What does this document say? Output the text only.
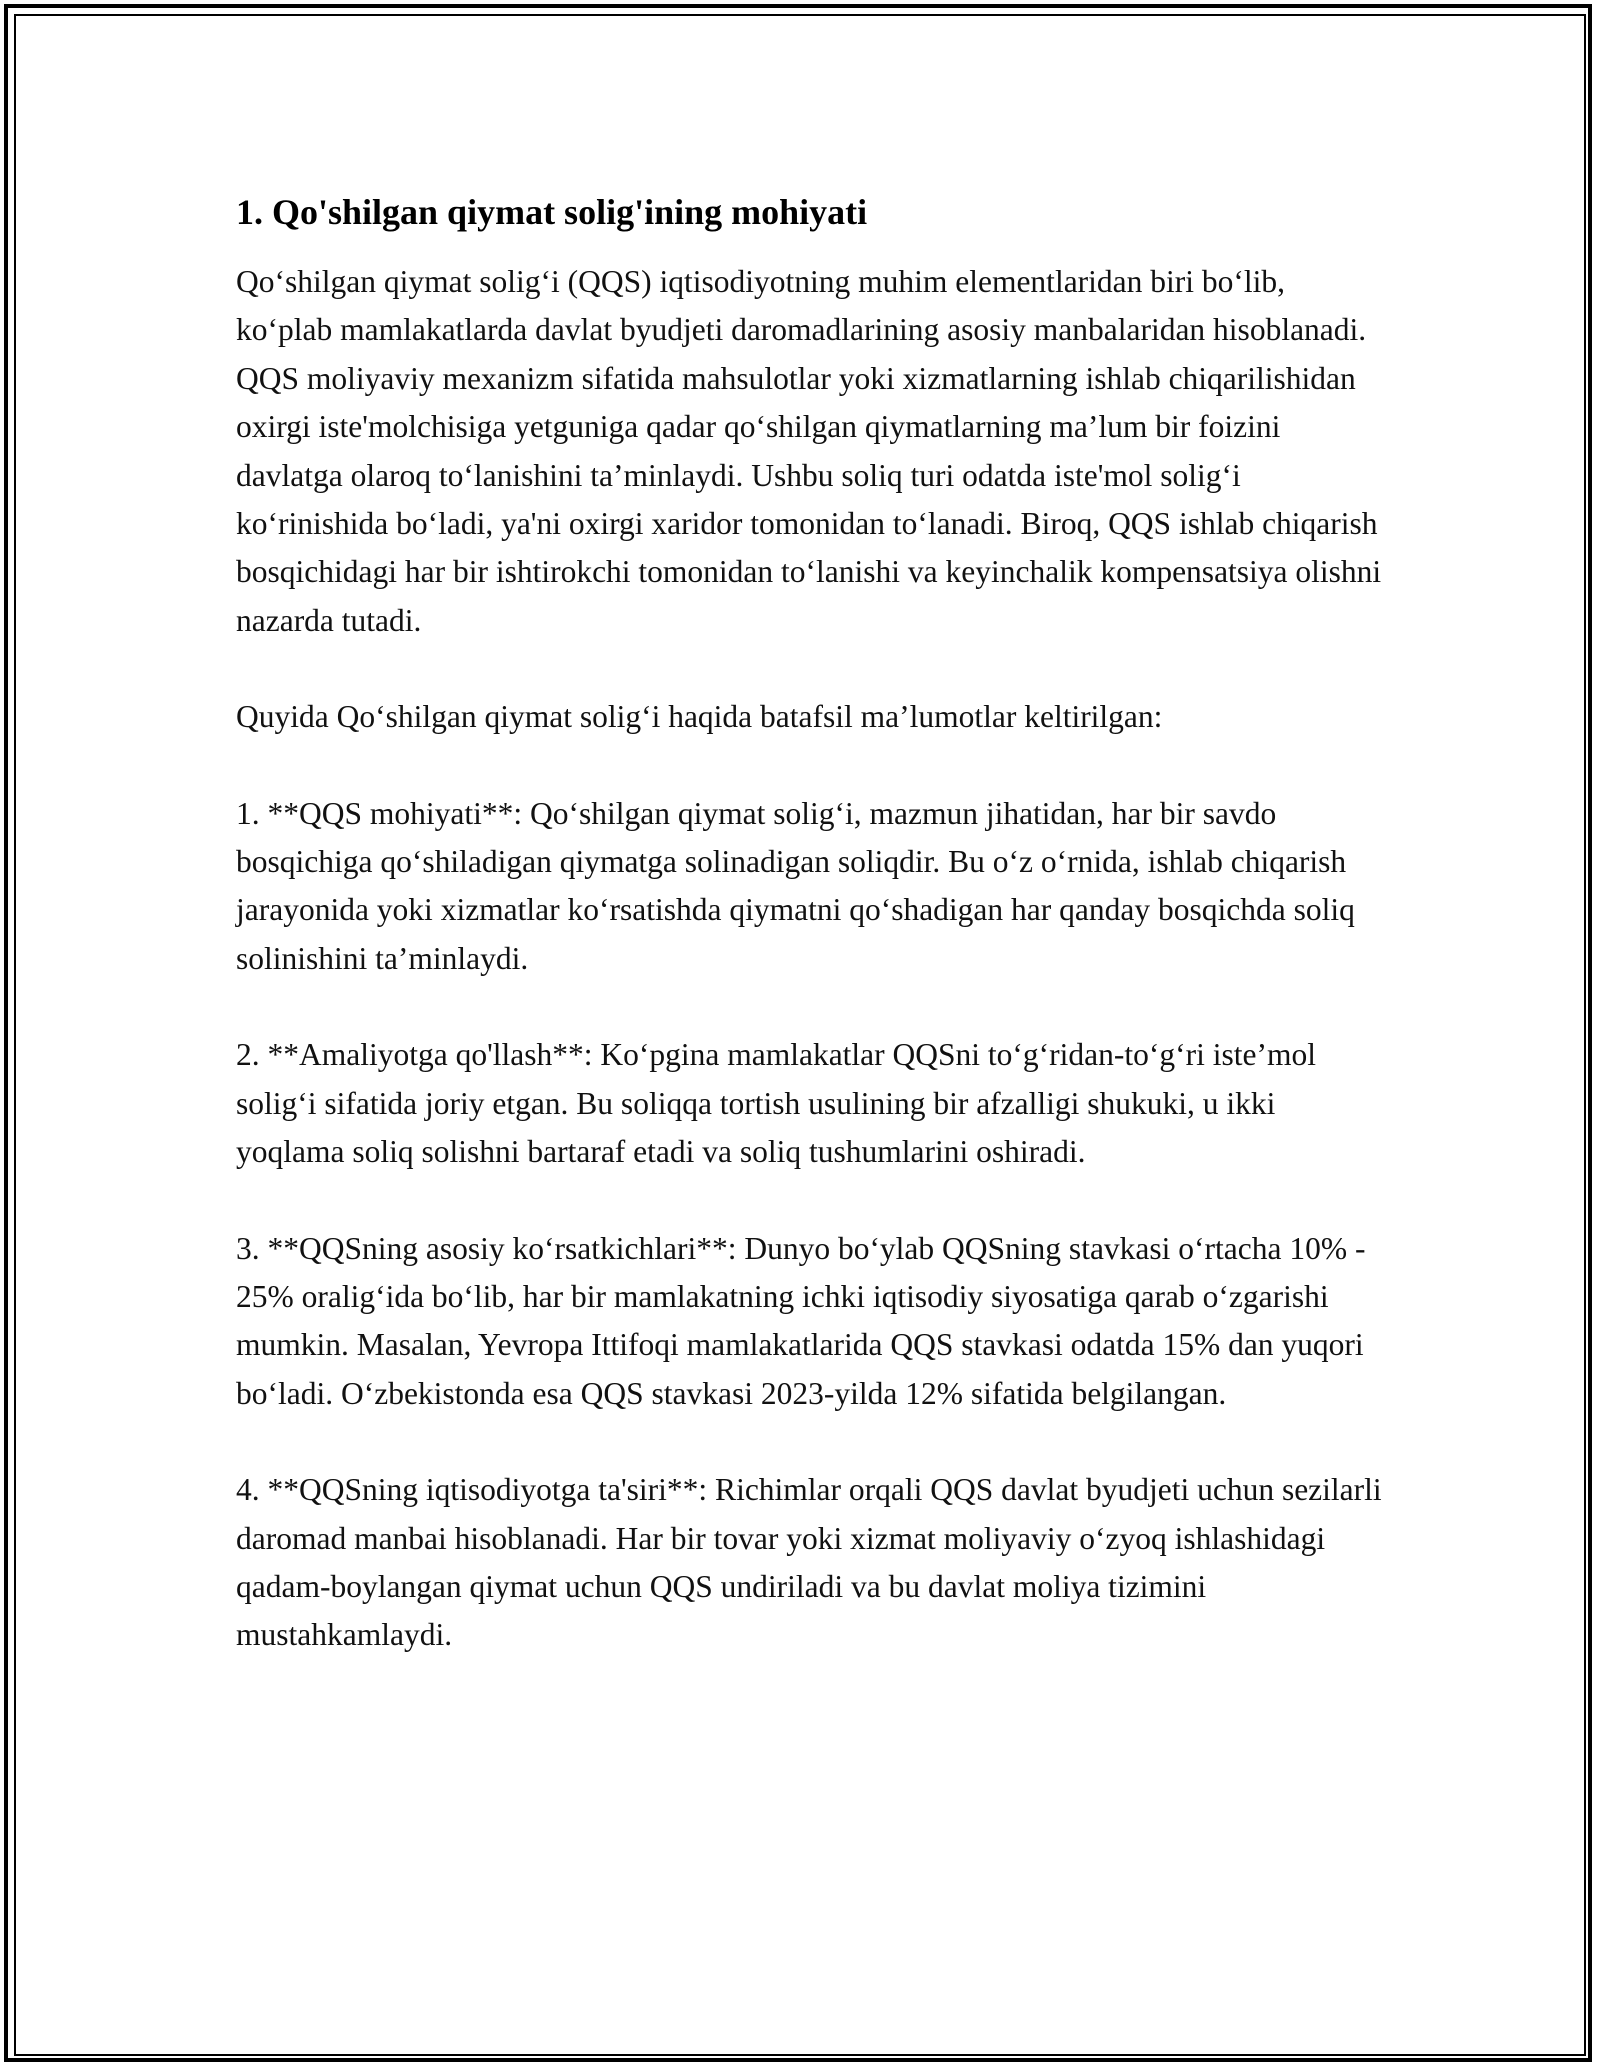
1. Qo'shilgan qiymat solig'ining mohiyati

Qo‘shilgan qiymat solig‘i (QQS) iqtisodiyotning muhim elementlaridan biri bo‘lib, ko‘plab mamlakatlarda davlat byudjeti daromadlarining asosiy manbalaridan hisoblanadi. QQS moliyaviy mexanizm sifatida mahsulotlar yoki xizmatlarning ishlab chiqarilishidan oxirgi iste'molchisiga yetguniga qadar qo‘shilgan qiymatlarning ma’lum bir foizini davlatga olaroq to‘lanishini ta’minlaydi. Ushbu soliq turi odatda iste'mol solig‘i ko‘rinishida bo‘ladi, ya'ni oxirgi xaridor tomonidan to‘lanadi. Biroq, QQS ishlab chiqarish bosqichidagi har bir ishtirokchi tomonidan to‘lanishi va keyinchalik kompensatsiya olishni nazarda tutadi.

Quyida Qo‘shilgan qiymat solig‘i haqida batafsil ma’lumotlar keltirilgan:

1. **QQS mohiyati**: Qo‘shilgan qiymat solig‘i, mazmun jihatidan, har bir savdo bosqichiga qo‘shiladigan qiymatga solinadigan soliqdir. Bu o‘z o‘rnida, ishlab chiqarish jarayonida yoki xizmatlar ko‘rsatishda qiymatni qo‘shadigan har qanday bosqichda soliq solinishini ta’minlaydi.

2. **Amaliyotga qo'llash**: Ko‘pgina mamlakatlar QQSni to‘g‘ridan-to‘g‘ri iste’mol solig‘i sifatida joriy etgan. Bu soliqqa tortish usulining bir afzalligi shukuki, u ikki yoqlama soliq solishni bartaraf etadi va soliq tushumlarini oshiradi.

3. **QQSning asosiy ko‘rsatkichlari**: Dunyo bo‘ylab QQSning stavkasi o‘rtacha 10% - 25% oralig‘ida bo‘lib, har bir mamlakatning ichki iqtisodiy siyosatiga qarab o‘zgarishi mumkin. Masalan, Yevropa Ittifoqi mamlakatlarida QQS stavkasi odatda 15% dan yuqori bo‘ladi. O‘zbekistonda esa QQS stavkasi 2023-yilda 12% sifatida belgilangan.

4. **QQSning iqtisodiyotga ta'siri**: Richimlar orqali QQS davlat byudjeti uchun sezilarli daromad manbai hisoblanadi. Har bir tovar yoki xizmat moliyaviy o‘zyoq ishlashidagi qadam-boylangan qiymat uchun QQS undiriladi va bu davlat moliya tizimini mustahkamlaydi.
